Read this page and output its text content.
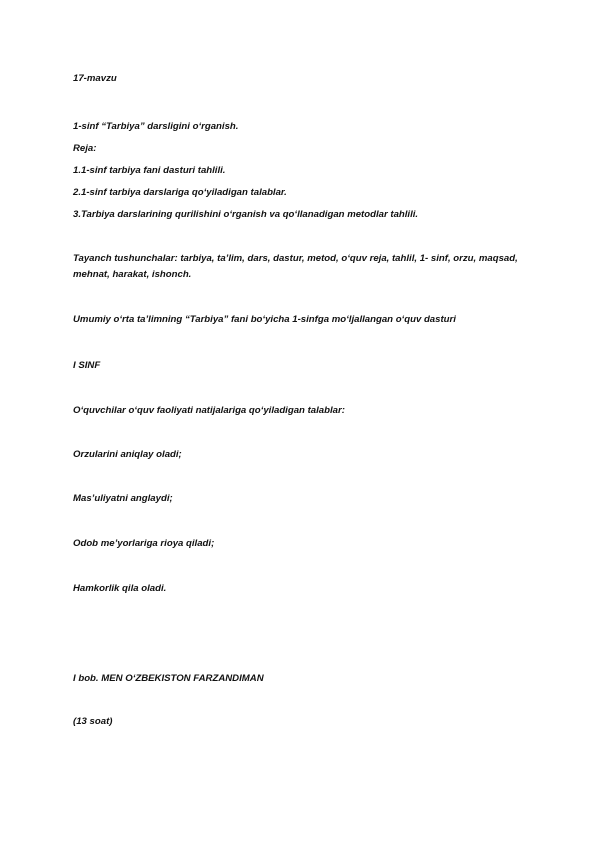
17-mavzu
1-sinf “Tarbiya” darsligini o‘rganish.
Reja:
1.1-sinf tarbiya fani dasturi tahlili.
2.1-sinf tarbiya darslariga qo‘yiladigan talablar.
3.Tarbiya darslarining qurilishini o‘rganish va qo‘llanadigan metodlar tahlili.
Tayanch tushunchalar: tarbiya, ta’lim, dars, dastur, metod, o‘quv reja, tahlil, 1- sinf, orzu, maqsad, mehnat, harakat, ishonch.
Umumiy o‘rta ta’limning “Tarbiya” fani bo‘yicha 1-sinfga mo‘ljallangan o‘quv dasturi
I SINF
O‘quvchilar o‘quv faoliyati natijalariga qo‘yiladigan talablar:
Orzularini aniqlay oladi;
Mas’uliyatni anglaydi;
Odob me’yorlariga rioya qiladi;
Hamkorlik qila oladi.
I bob. MEN O‘ZBEKISTON FARZANDIMAN
(13 soat)
